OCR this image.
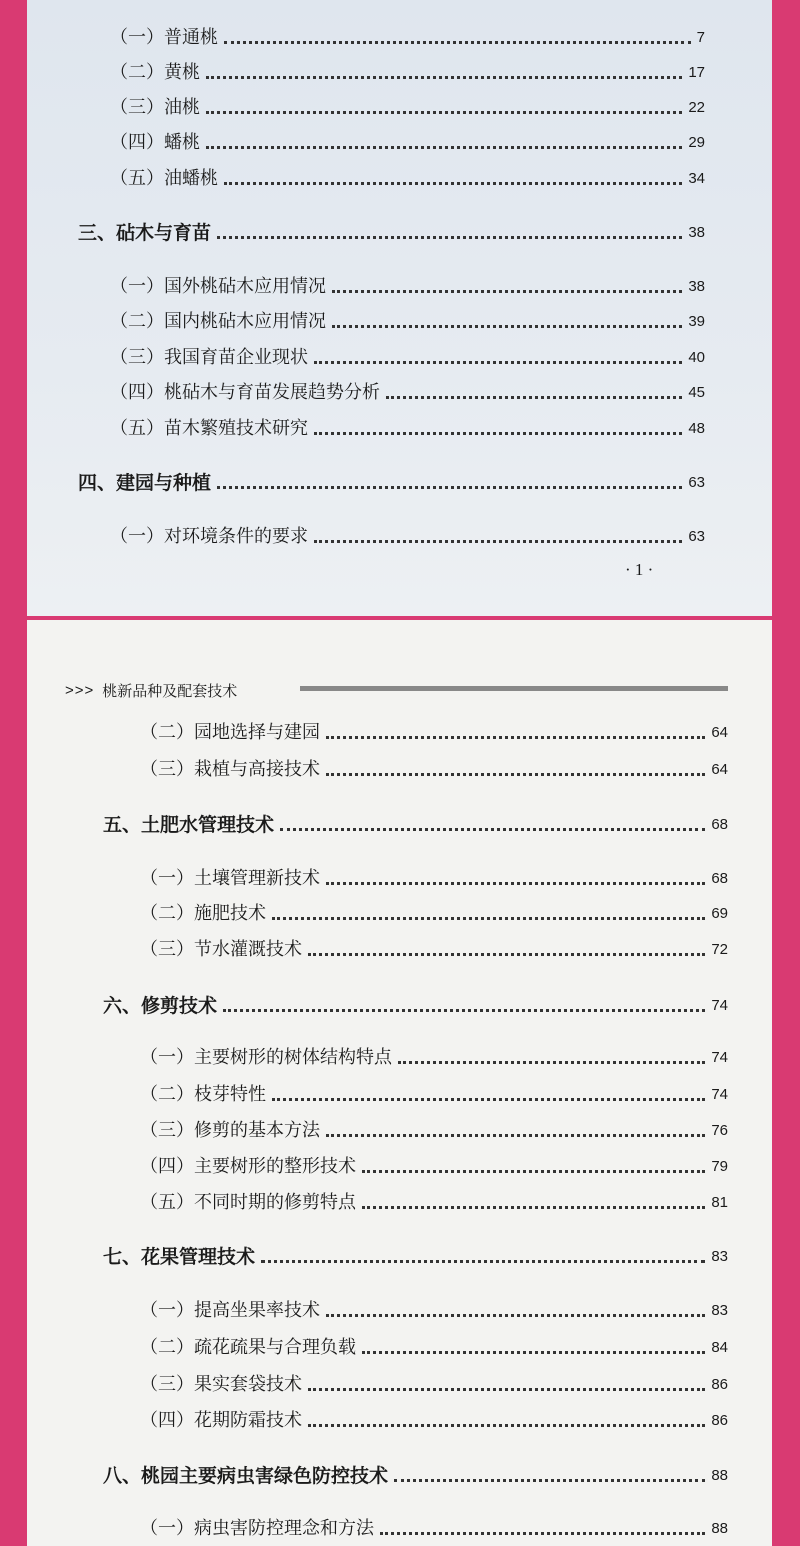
（一）普通桃	7
（二）黄桃	17
（三）油桃	22
（四）蟠桃	29
（五）油蟠桃	34
三、砧木与育苗	38
（一）国外桃砧木应用情况	38
（二）国内桃砧木应用情况	39
（三）我国育苗企业现状	40
（四）桃砧木与育苗发展趋势分析	45
（五）苗木繁殖技术研究	48
四、建园与种植	63
（一）对环境条件的要求	63
· 1 ·
>>> 桃新品种及配套技术
（二）园地选择与建园	64
（三）栽植与高接技术	64
五、土肥水管理技术	68
（一）土壤管理新技术	68
（二）施肥技术	69
（三）节水灌溉技术	72
六、修剪技术	74
（一）主要树形的树体结构特点	74
（二）枝芽特性	74
（三）修剪的基本方法	76
（四）主要树形的整形技术	79
（五）不同时期的修剪特点	81
七、花果管理技术	83
（一）提高坐果率技术	83
（二）疏花疏果与合理负载	84
（三）果实套袋技术	86
（四）花期防霜技术	86
八、桃园主要病虫害绿色防控技术	88
（一）病虫害防控理念和方法	88
